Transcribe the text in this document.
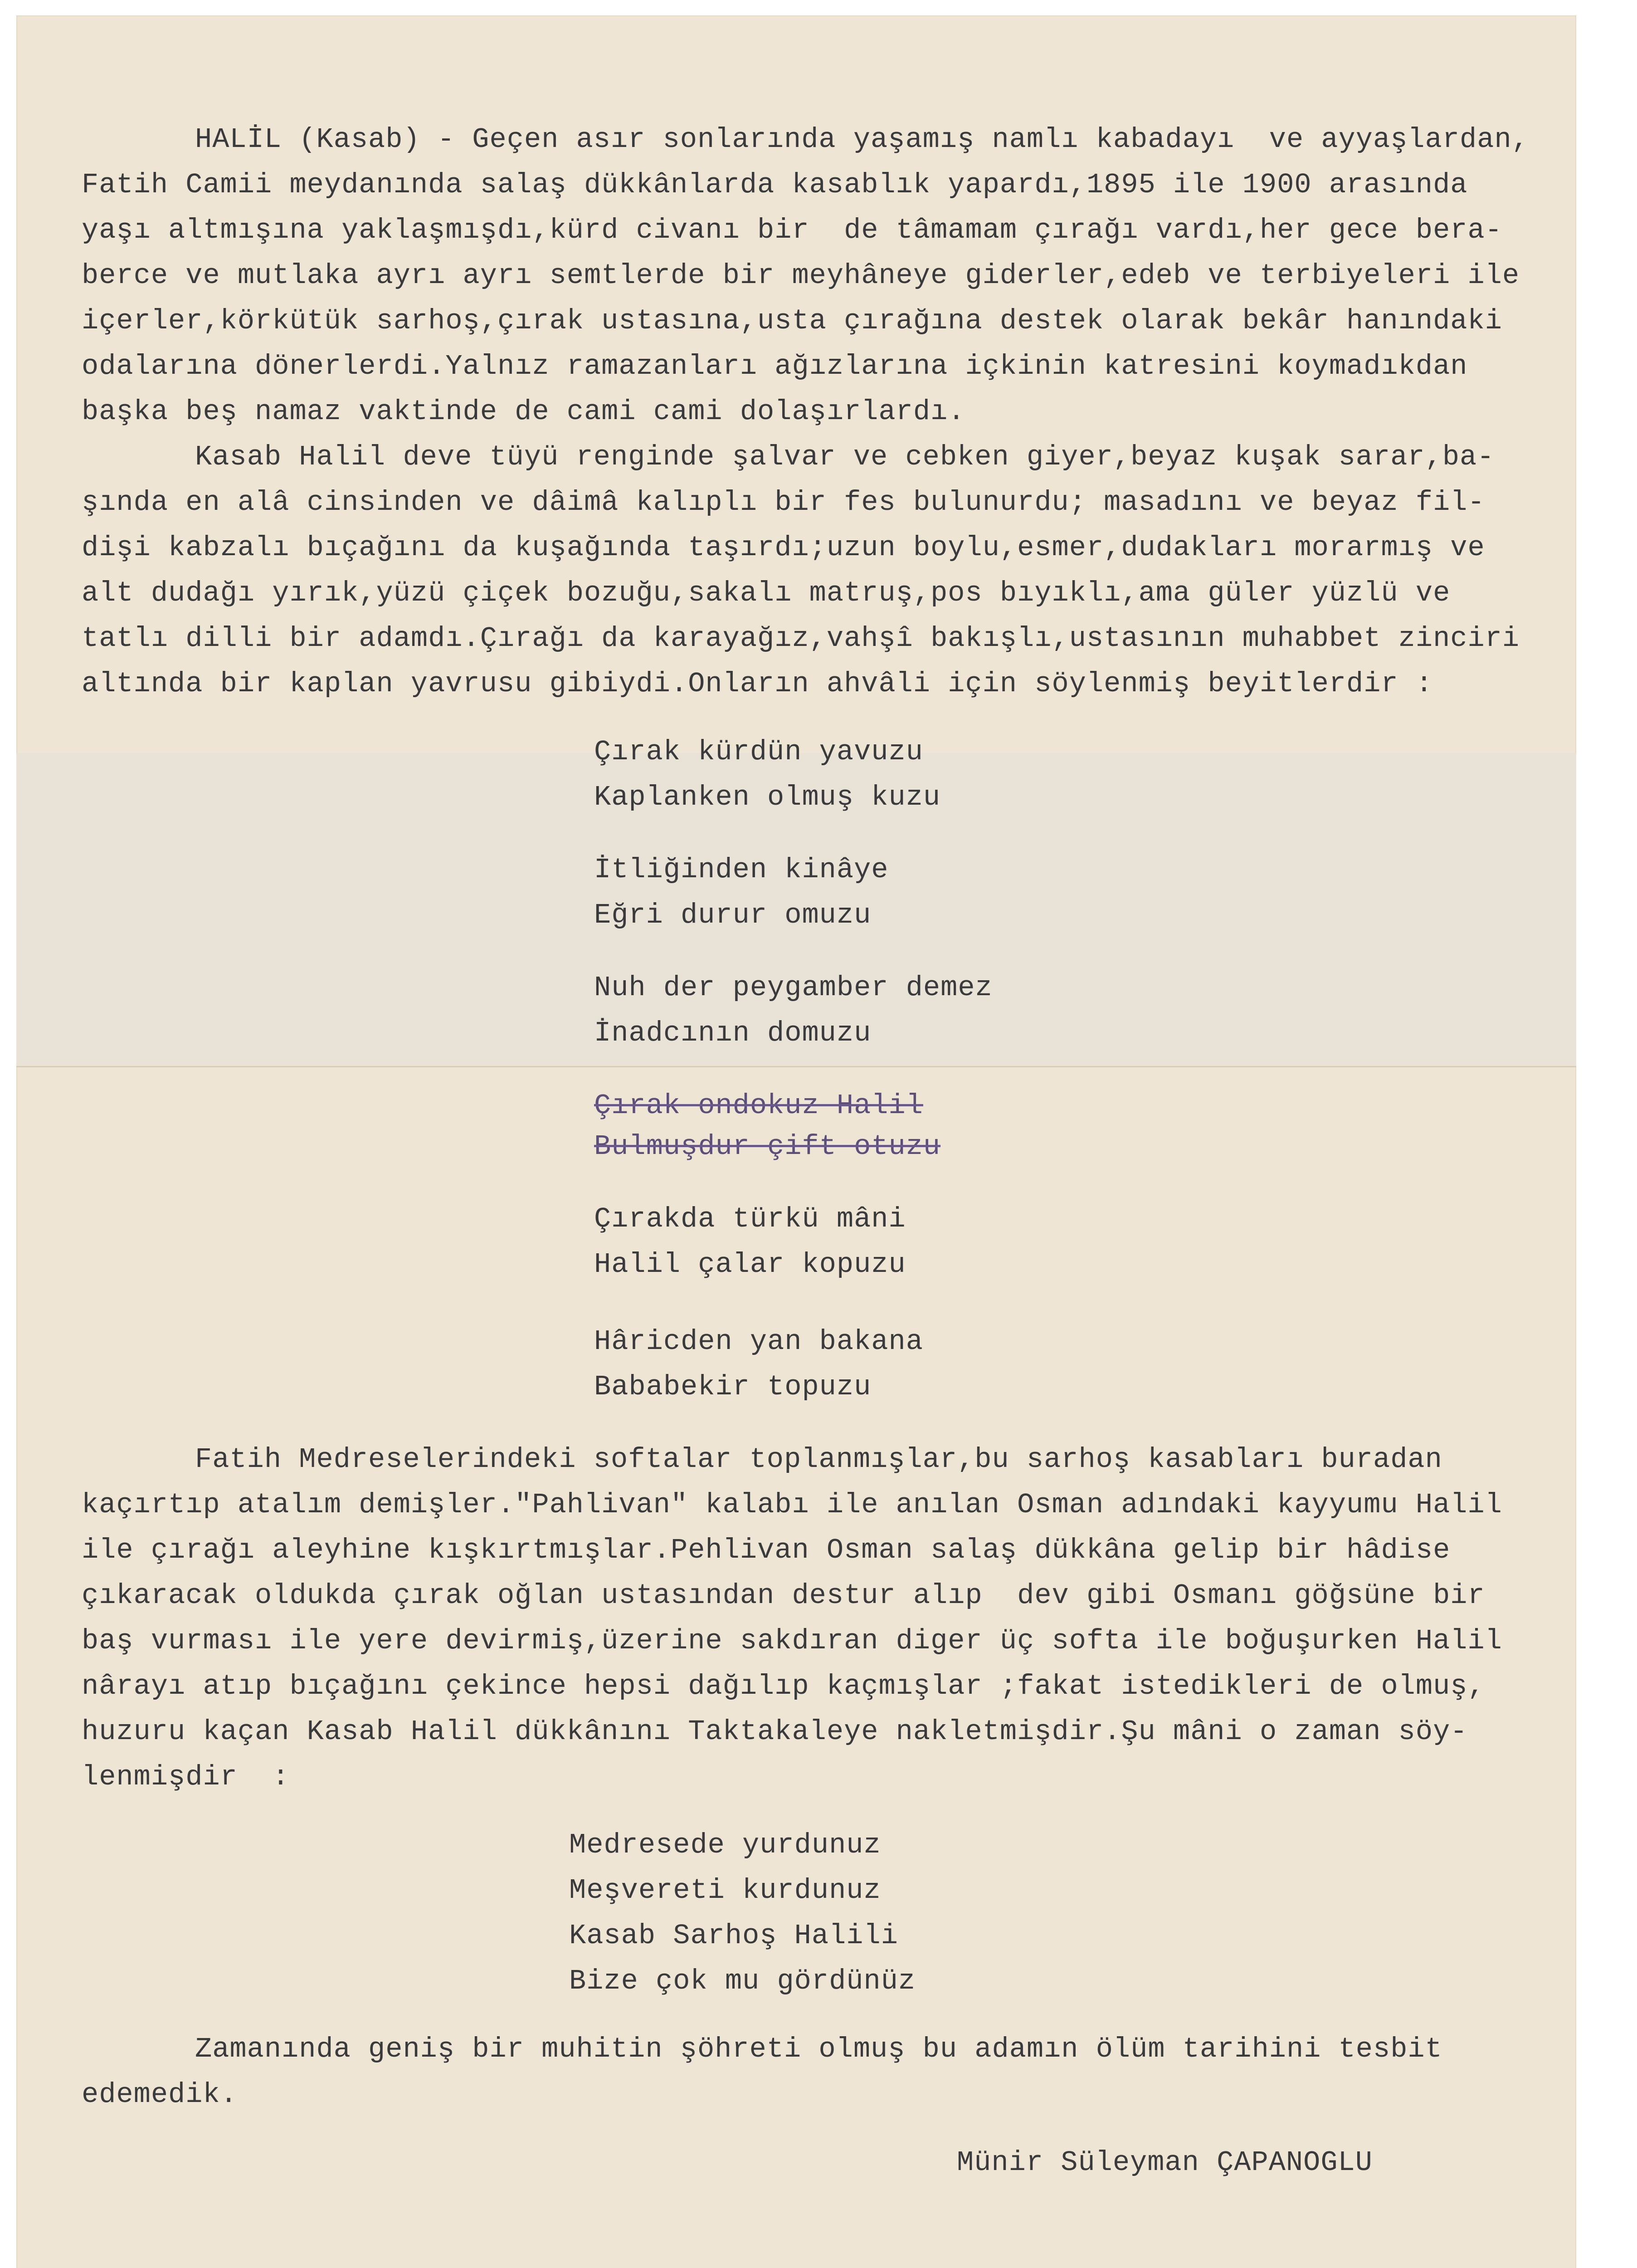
HALİL (Kasab) - Geçen asır sonlarında yaşamış namlı kabadayı  ve ayyaşlardan,

Fatih Camii meydanında salaş dükkânlarda kasablık yapardı,1895 ile 1900 arasında

yaşı altmışına yaklaşmışdı,kürd civanı bir  de tâmamam çırağı vardı,her gece bera-

berce ve mutlaka ayrı ayrı semtlerde bir meyhâneye giderler,edeb ve terbiyeleri ile

içerler,körkütük sarhoş,çırak ustasına,usta çırağına destek olarak bekâr hanındaki

odalarına dönerlerdi.Yalnız ramazanları ağızlarına içkinin katresini koymadıkdan

başka beş namaz vaktinde de cami cami dolaşırlardı.

Kasab Halil deve tüyü renginde şalvar ve cebken giyer,beyaz kuşak sarar,ba-

şında en alâ cinsinden ve dâimâ kalıplı bir fes bulunurdu; masadını ve beyaz fil-

dişi kabzalı bıçağını da kuşağında taşırdı;uzun boylu,esmer,dudakları morarmış ve

alt dudağı yırık,yüzü çiçek bozuğu,sakalı matruş,pos bıyıklı,ama güler yüzlü ve

tatlı dilli bir adamdı.Çırağı da karayağız,vahşî bakışlı,ustasının muhabbet zinciri

altında bir kaplan yavrusu gibiydi.Onların ahvâli için söylenmiş beyitlerdir :

Çırak kürdün yavuzu

Kaplanken olmuş kuzu

İtliğinden kinâye

Eğri durur omuzu

Nuh der peygamber demez

İnadcının domuzu

Çırak ondokuz Halil

Bulmuşdur çift otuzu

Çırakda türkü mâni

Halil çalar kopuzu

Hâricden yan bakana

Bababekir topuzu

Fatih Medreselerindeki softalar toplanmışlar,bu sarhoş kasabları buradan

kaçırtıp atalım demişler."Pahlivan" kalabı ile anılan Osman adındaki kayyumu Halil

ile çırağı aleyhine kışkırtmışlar.Pehlivan Osman salaş dükkâna gelip bir hâdise

çıkaracak oldukda çırak oğlan ustasından destur alıp  dev gibi Osmanı göğsüne bir

baş vurması ile yere devirmiş,üzerine sakdıran diger üç softa ile boğuşurken Halil

nârayı atıp bıçağını çekince hepsi dağılıp kaçmışlar ;fakat istedikleri de olmuş,

huzuru kaçan Kasab Halil dükkânını Taktakaleye nakletmişdir.Şu mâni o zaman söy-

lenmişdir  :

Medresede yurdunuz

Meşvereti kurdunuz

Kasab Sarhoş Halili

Bize çok mu gördünüz

Zamanında geniş bir muhitin şöhreti olmuş bu adamın ölüm tarihini tesbit

edemedik.

Münir Süleyman ÇAPANOGLU
